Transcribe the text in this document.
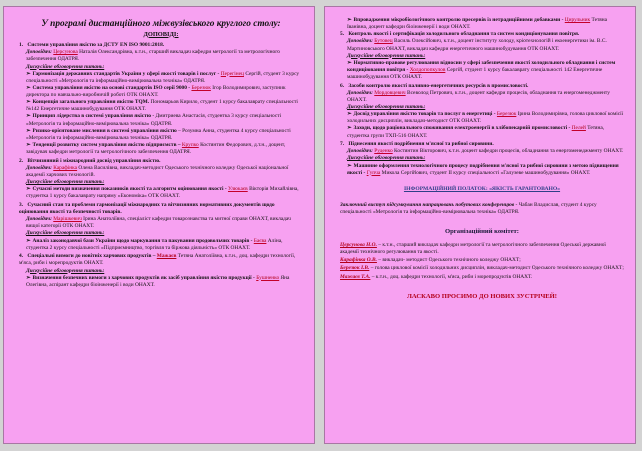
У програмі дистанційного міжвузівського круглого столу:
ДОПОВІДІ:
1. Системи управління якістю за ДСТУ EN ISO 9001:2018.
Доповідач: Церсунова Наталія Олександрівна, к.т.н., старший викладач кафедри метрології та метрологічного забезпечення ОДАТРЯ.
Дискусійне обговорення питань:
➢ Гармонізація державних стандартів України у сфері якості товарів і послуг - Перегінец Сергій, студент 3 курсу спеціальності «Метрологія та інформаційно-вимірювальна техніка» ОДАТРЯ.
➢ Система управління якістю на основі стандартів ISO серії 9000 - Березюк Ігор Володимирович, заступник директора по навчально-виробничій роботі ОТК ОНАХТ.
➢ Концепція загального управління якістю TQM. Пономарьов Кирило, студент 1 курсу бакалаврату спеціальності №142 Енергетичне машинобудування ОТК ОНАХТ.
➢ Принцип лідерства в системі управління якістю - Дмитриева Анастасія, студентка 3 курсу спеціальності «Метрологія та інформаційно-вимірювальна техніка» ОДАТРЯ.
➢ Ризико-орієнтоване мислення в системі управління якістю – Розумна Анна, студентка 4 курсу спеціальності «Метрологія та інформаційно-вимірювальна техніка» ОДАТРЯ.
➢ Тенденції розвитку систем управління якістю підприємств – Крупко Костянтин Федорович, д.т.н., доцент, завідувач кафедри метрології та метрологічного забезпечення ОДАТРЯ.
2. Вітчизняний і міжнародний досвід управління якістю.
Доповідач: Карафінка Олена Василівна, викладач-методист Одеського технічного коледжу Одеської національної академії харчових технологій.
Дискусійне обговорення питань:
➢ Сучасні методи визначення показників якості та алгоритм оцінювання якості - Улюкаєв Вікторія Михайлівна, студентка 1 курсу бакалаврату напряму «Економіка» ОТК ОНАХТ.
3. Сучасний стан та проблеми гармонізації міжнародних та вітчизняних нормативних документів щодо оцінювання якості та безпечності товарів.
Доповідач: Марішкевич Ірина Анатоліївна, спеціаліст кафедри товарознавства та митної справи ОНАХТ, викладач вищої категорії ОТК ОНАХТ.
Дискусійне обговорення питань:
➢ Аналіз законодавчої бази України щодо маркування та пакування продовольчих товарів - Баєва Аліна, студентка 2 курсу спеціальності «Підприємництво, торгівля та біржова діяльність» ОТК ОНАХТ.
4. Спеціальні вимоги до новітніх харчових продуктів – Мажаєв Тетяна Анатоліївна, к.т.н., доц. кафедри технології, м'яса, риби і морепродуктів ОНАХТ.
Дискусійне обговорення питань:
➢ Визначення безпечних вимоги з харчових продуктів як засіб управління якістю продукції - Бушненко Яна Олегівна, аспірант кафедри біоінженерії і води ОНАХТ.
➢ Впровадження мікробіологічного контролю пресервів із нетрадиційними добавками - Цирульник Тетяна Іванівна, доцент кафедри біоінженерії і води ОНАХТ.
5. Контроль якості і сертифікація холодильного обладнання та систем кондиціонування повітря.
Доповідач: Бутовец Василь Олексійович, к.т.н., доцент інституту холоду, кріотехнологій і екоенергетики ім. В.С. Мартиновського ОНАХТ, викладач кафедри енергетичного машинобудування ОТК ОНАХТ.
Дискусійне обговорення питань:
➢ Нормативно-правове регулювання відносин у сфері забезпечення якості холодильного обладнання і систем кондиціювання повітря - Холдопопкулов Сергій, студент 1 курсу бакалаврату спеціальності 142 Енергетичне машинобудування ОТК ОНАХТ.
6. Засоби контролю якості паливно-енергетичних ресурсів в промисловості.
Доповідач: Мордовцевич Всеволод Петрович, к.т.н., доцент кафедри процесів, обладнання та енергоменеджменту ОНАХТ.
Дискусійне обговорення питань:
➢ Досвід управління якістю товарів та послуг в енергетиці - Березюк Ірина Володимирівна, голова циклової комісії холодильних дисциплін, викладач-методист ОТК ОНАХТ.
➢ Заходи, щодо раціонального споживання електроенергії в хлібопекарній промисловості - Пелей Тетяна, студентка групи ТХП-516 ОНАХТ.
7. Піднесення якості подрібнення м'ясної та рибної сировини.
Доповідач: Руденко Костянтин Вікторович, к.т.н. доцент кафедри процесів, обладнання та енергоменеджменту ОНАХТ.
Дискусійне обговорення питань:
➢ Машинне оформлення технологічного процесу подрібнення м'ясної та рибної сировини з метою підвищення якості - Гупча Микола Сергійович, студент ІІ курсу спеціальності «Галузеве машинобудування» ОНАХТ.
ІНФОРМАЦІЙНИЙ ПОЛАТОК: «ЯКІСТЬ ГАРАНТОВАНО»
Заключний виступ підсумкування напрацювань побутових конференцюв - Чабан Владислав, студент 4 курсу спеціальності «Метрологія та інформаційно-вимірювальна техніка» ОДАТРЯ.
Організаційний комітет:
Церсунова Н.О. – к.т.н., старший викладач кафедри метрології та метрологічного забезпечення Одеської державної академії технічного регулювання та якості.
Карафінка О.В. – викладач- методист Одеського технічного коледжу ОНАХТ;
Березюк І.В. – голова циклової комісії холодильних дисциплін, викладач-методист Одеського технічного коледжу ОНАХТ;
Мажаєв Т.А. – к.т.н., доц. кафедри технології, м'яса, риби і морепродуктів ОНАХТ.
ЛАСКАВО ПРОСИМО ДО НОВИХ ЗУСТРІЧЕЙ!
